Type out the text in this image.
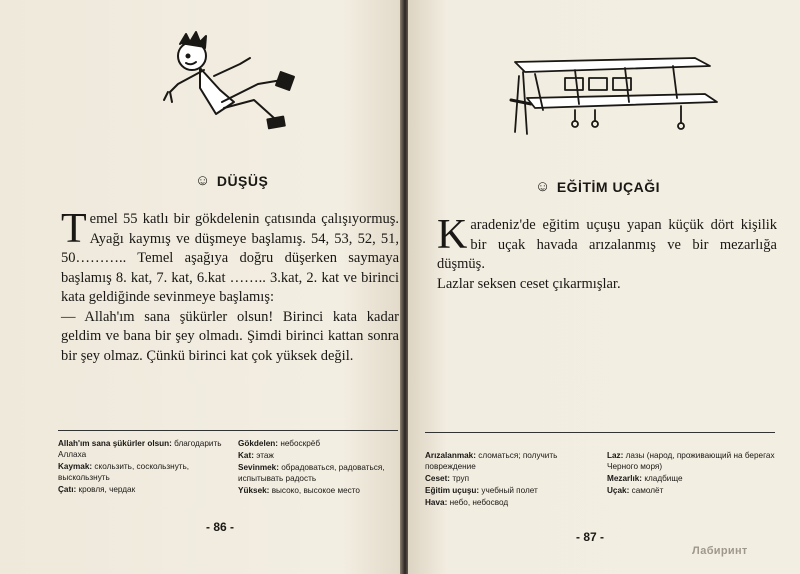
☺ DÜŞÜŞ

Temel 55 katlı bir gökdelenin çatısında çalışıyormuş. Ayağı kaymış ve düşmeye başlamış. 54, 53, 52, 51, 50……….. Temel aşağıya doğru düşerken saymaya başlamış 8. kat, 7. kat, 6.kat …….. 3.kat, 2. kat ve birinci kata geldiğinde sevinmeye başlamış:

— Allah'ım sana şükürler olsun! Birinci kata kadar geldim ve bana bir şey olmadı. Şimdi birinci kattan sonra bir şey olmaz. Çünkü birinci kat çok yüksek değil.

Allah'ım sana şükürler olsun: благодарить Аллаха
Kaymak: скользить, соскользнуть, выскользнуть
Çatı: кровля, чердак
Gökdelen: небоскрёб
Kat: этаж
Sevinmek: обрадоваться, радоваться, испытывать радость
Yüksek: высоко, высокое место
- 86 -
☺ EĞİTİM UÇAĞI

Karadeniz'de eğitim uçuşu yapan küçük dört kişilik bir uçak havada arızalanmış ve bir mezarlığa düşmüş.

Lazlar seksen ceset çıkarmışlar.

Arızalanmak: сломаться; получить повреждение
Ceset: труп
Eğitim uçuşu: учебный полет
Hava: небо, небосвод
Laz: лазы (народ, проживающий на берегах Черного моря)
Mezarlık: кладбище
Uçak: самолёт
- 87 -
Лабиринт
